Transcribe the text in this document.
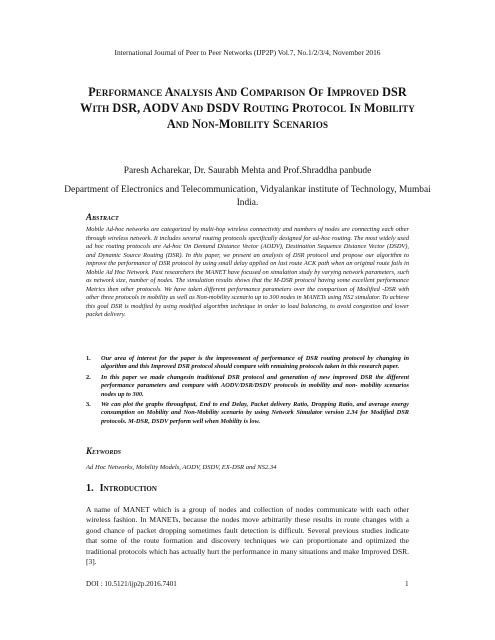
International Journal of Peer to Peer Networks (IJP2P) Vol.7, No.1/2/3/4, November 2016
Performance Analysis And Comparison Of Improved DSR With DSR, AODV And DSDV Routing Protocol In Mobility And Non-Mobility Scenarios
Paresh Acharekar, Dr. Saurabh Mehta and Prof.Shraddha panbude
Department of Electronics and Telecommunication, Vidyalankar institute of Technology, Mumbai India.
Abstract
Mobile Ad-hoc networks are categorized by multi-hop wireless connectivity and numbers of nodes are connecting each other through wireless network. It includes several routing protocols specifically designed for ad-hoc routing. The most widely used ad hoc routing protocols are Ad-hoc On Demand Distance Vector (AODV), Destination Sequence Distance Vector (DSDV), and Dynamic Source Routing (DSR). In this paper, we present an analysis of DSR protocol and propose our algorithm to improve the performance of DSR protocol by using small delay applied on last route ACK path when an original route fails in Mobile Ad Hoc Network. Past researchers the MANET have focused on simulation study by varying network parameters, such as network size, number of nodes. The simulation results shows that the M-DSR protocol having some excellent performance Metrics then other protocols. We have taken different performance parameters over the comparison of Modified -DSR with other three protocols in mobility as well as Non-mobility scenario up to 300 nodes in MANETs using NS2 simulator. To achieve this goal DSR is modified by using modified algorithm technique in order to load balancing, to avoid congestion and lower packet delivery.
1. Our area of interest for the paper is the improvement of performance of DSR routing protocol by changing in algorithm and this Improved DSR protocol should compare with remaining protocols taken in this research paper.
2. In this paper we made changesin traditional DSR protocol and generation of new improved DSR the different performance parameters and compare with AODV/DSR/DSDV protocols in mobility and non- mobility scenarios nodes up to 300.
3. We can plot the graphs throughput, End to end Delay, Packet delivery Ratio, Dropping Ratio, and average energy consumption on Mobility and Non-Mobility scenario by using Network Simulator version 2.34 for Modified DSR protocols. M-DSR, DSDV perform well when Mobility is low.
Keywords
Ad Hoc Networks, Mobility Models, AODV, DSDV, EX-DSR and NS2.34
1. Introduction
A name of MANET which is a group of nodes and collection of nodes communicate with each other wireless fashion. In MANETs, because the nodes move arbitrarily these results in route changes with a good chance of packet dropping sometimes fault detection is difficult. Several previous studies indicate that some of the route formation and discovery techniques we can proportionate and optimized the traditional protocols which has actually hurt the performance in many situations and make Improved DSR. [3].
DOI : 10.5121/ijp2p.2016.7401	1
